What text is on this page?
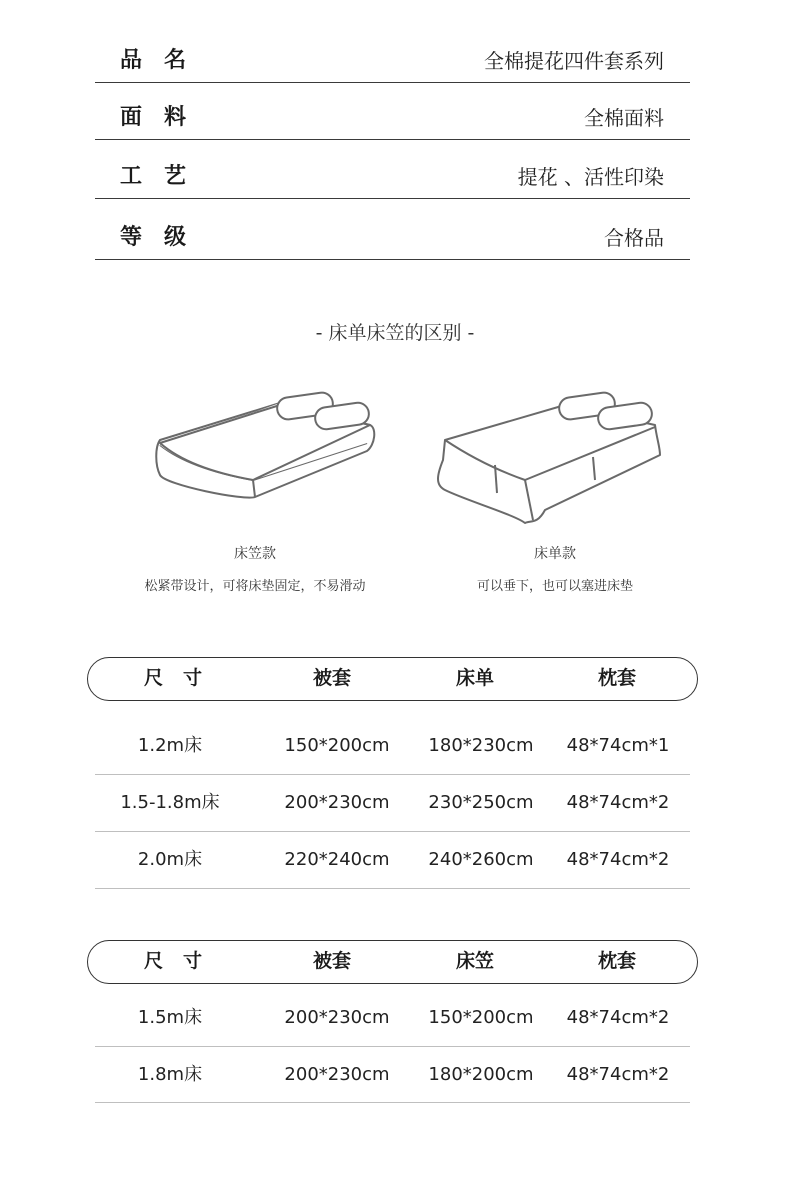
品名	全棉提花四件套系列
面料	全棉面料
工艺	提花 、活性印染
等级	合格品
- 床单床笠的区别 -
床笠款
松紧带设计，可将床垫固定，不易滑动
床单款
可以垂下，也可以塞进床垫
尺寸	被套	床单	枕套
1.2m床	150*200cm	180*230cm	48*74cm*1
1.5-1.8m床	200*230cm	230*250cm	48*74cm*2
2.0m床	220*240cm	240*260cm	48*74cm*2
尺寸	被套	床笠	枕套
1.5m床	200*230cm	150*200cm	48*74cm*2
1.8m床	200*230cm	180*200cm	48*74cm*2
